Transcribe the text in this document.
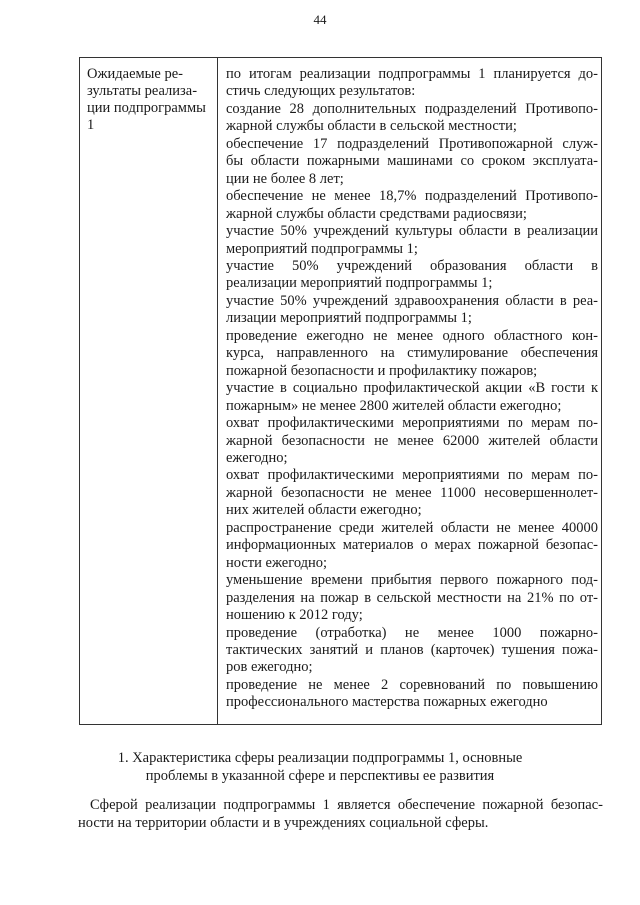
44
Ожидаемые ре-
зультаты реализа-
ции подпрограммы
1
по итогам реализации подпрограммы 1 планируется до-
стичь следующих результатов:
создание 28 дополнительных подразделений Противопо-
жарной службы области в сельской местности;
обеспечение 17 подразделений Противопожарной служ-
бы области пожарными машинами со сроком эксплуата-
ции не более 8 лет;
обеспечение не менее 18,7% подразделений Противопо-
жарной службы области средствами радиосвязи;
участие 50% учреждений культуры области в реализации
мероприятий подпрограммы 1;
участие 50% учреждений образования области в
реализации мероприятий подпрограммы 1;
участие 50% учреждений здравоохранения области в реа-
лизации мероприятий подпрограммы 1;
проведение ежегодно не менее одного областного кон-
курса, направленного на стимулирование обеспечения
пожарной безопасности и профилактику пожаров;
участие в социально профилактической акции «В гости к
пожарным» не менее 2800 жителей области ежегодно;
охват профилактическими мероприятиями по мерам по-
жарной безопасности не менее 62000 жителей области
ежегодно;
охват профилактическими мероприятиями по мерам по-
жарной безопасности не менее 11000 несовершеннолет-
них жителей области ежегодно;
распространение среди жителей области не менее 40000
информационных материалов о мерах пожарной безопас-
ности ежегодно;
уменьшение времени прибытия первого пожарного под-
разделения на пожар в сельской местности на 21% по от-
ношению к 2012 году;
проведение (отработка) не менее 1000 пожарно-
тактических занятий и планов (карточек) тушения пожа-
ров ежегодно;
проведение не менее 2 соревнований по повышению
профессионального мастерства пожарных ежегодно
1. Характеристика сферы реализации подпрограммы 1, основные
проблемы в указанной сфере и перспективы ее развития
Сферой реализации подпрограммы 1 является обеспечение пожарной безопас-
ности на территории области и в учреждениях социальной сферы.
